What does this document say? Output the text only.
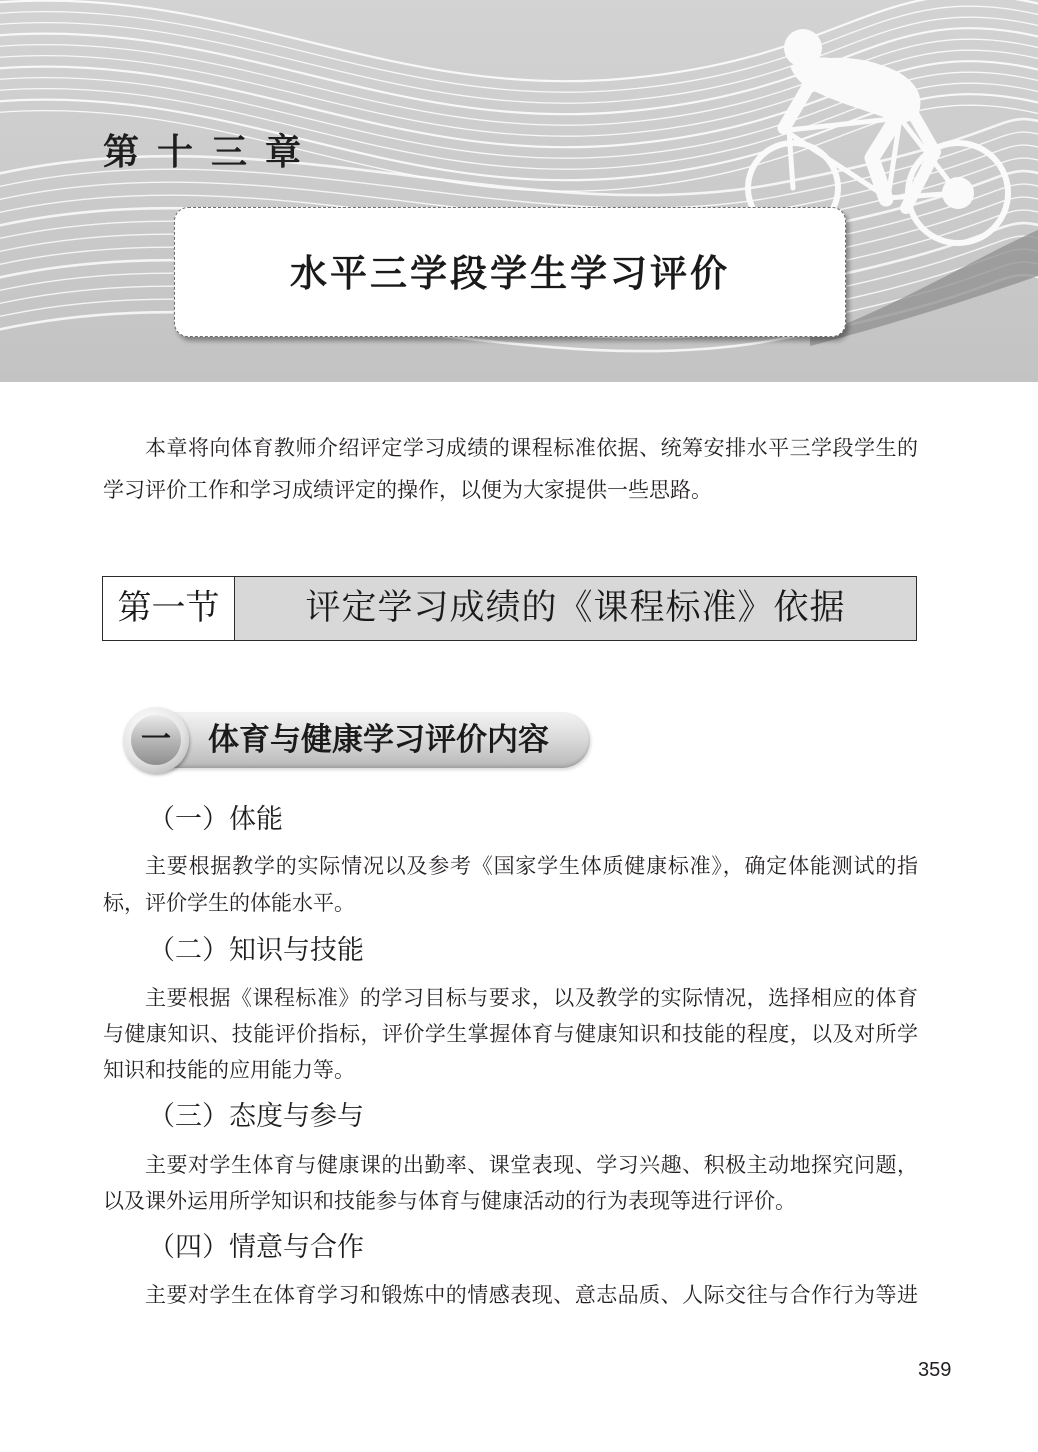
第十三章
水平三学段学生学习评价
本章将向体育教师介绍评定学习成绩的课程标准依据、统筹安排水平三学段学生的
学习评价工作和学习成绩评定的操作，以便为大家提供一些思路。
第一节	评定学习成绩的《课程标准》依据
体育与健康学习评价内容
一
（一）体能
主要根据教学的实际情况以及参考《国家学生体质健康标准》，确定体能测试的指
标，评价学生的体能水平。
（二）知识与技能
主要根据《课程标准》的学习目标与要求，以及教学的实际情况，选择相应的体育
与健康知识、技能评价指标，评价学生掌握体育与健康知识和技能的程度，以及对所学
知识和技能的应用能力等。
（三）态度与参与
主要对学生体育与健康课的出勤率、课堂表现、学习兴趣、积极主动地探究问题，
以及课外运用所学知识和技能参与体育与健康活动的行为表现等进行评价。
（四）情意与合作
主要对学生在体育学习和锻炼中的情感表现、意志品质、人际交往与合作行为等进
359
